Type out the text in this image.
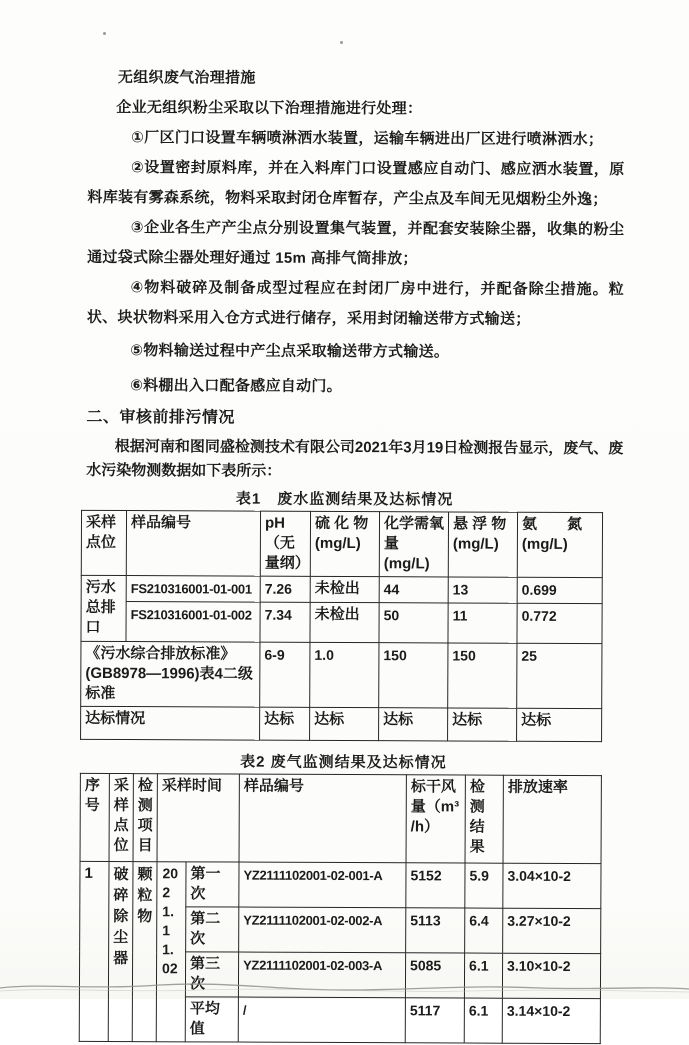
无组织废气治理措施

企业无组织粉尘采取以下治理措施进行处理：

①厂区门口设置车辆喷淋洒水装置，运输车辆进出厂区进行喷淋洒水；

②设置密封原料库，并在入料库门口设置感应自动门、感应洒水装置，原料库装有雾森系统，物料采取封闭仓库暂存，产尘点及车间无见烟粉尘外逸；

③企业各生产产尘点分别设置集气装置，并配套安装除尘器，收集的粉尘通过袋式除尘器处理好通过 15m 高排气筒排放；

④物料破碎及制备成型过程应在封闭厂房中进行，并配备除尘措施。粒状、块状物料采用入仓方式进行储存，采用封闭输送带方式输送；

⑤物料输送过程中产尘点采取输送带方式输送。

⑥料棚出入口配备感应自动门。

二、审核前排污情况

根据河南和图同盛检测技术有限公司2021年3月19日检测报告显示，废气、废水污染物测数据如下表所示：

表1　废水监测结果及达标情况
采样
点位	样品编号	pH（无
量纲）	硫 化 物
(mg/L)	化学需氧
量(mg/L)	悬 浮 物
(mg/L)	氨　　氮
(mg/L)
污水
总排
口	FS210316001-01-001	7.26	未检出	44	13	0.699
	FS210316001-01-002	7.34	未检出	50	11	0.772
《污水综合排放标准》
(GB8978—1996)表4二级标准		6-9	1.0	150	150	25
达标情况		达标	达标	达标	达标	达标
表2 废气监测结果及达标情况
序
号	采
样
点
位	检
测
项
目	采样时间		样品编号	标干风
量（m³
/h）	检
测
结
果	排放速率
1	破碎除尘器	颗粒物	2021.11.02	第一次	YZ2111102001-02-001-A	5152	5.9	3.04×10-2
				第二次	YZ2111102001-02-002-A	5113	6.4	3.27×10-2
				第三次	YZ2111102001-02-003-A	5085	6.1	3.10×10-2
				平均值	/	5117	6.1	3.14×10-2
